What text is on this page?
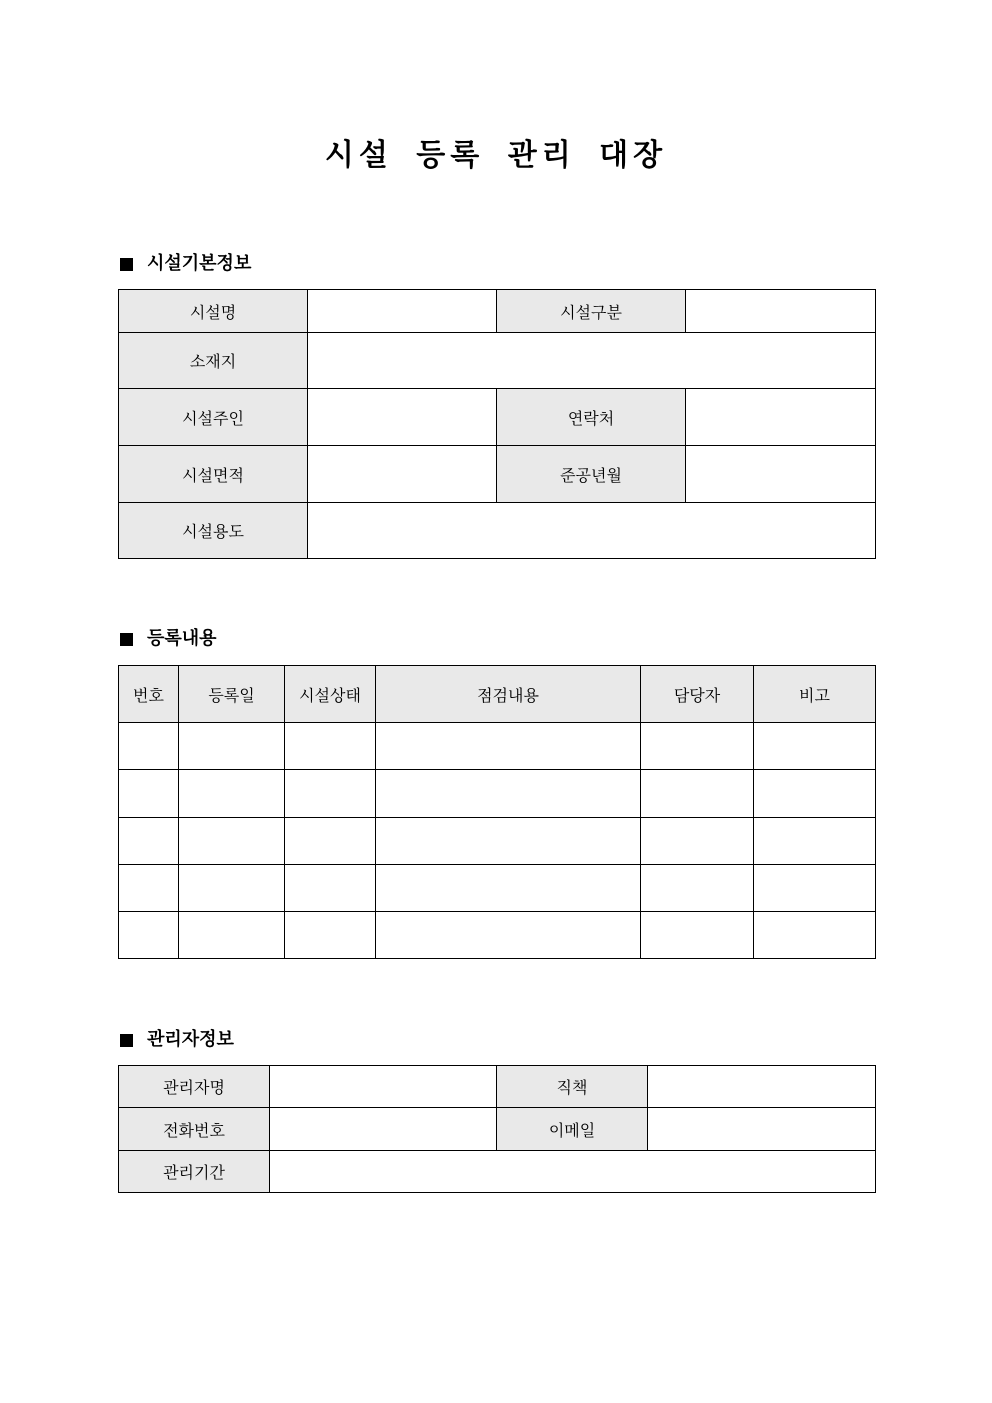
시설 등록 관리 대장
시설기본정보
시설명		시설구분	
소재지			
시설주인		연락처	
시설면적		준공년월	
시설용도			
등록내용
번호	등록일	시설상태	점검내용	담당자	비고

관리자정보
관리자명		직책	
전화번호		이메일	
관리기간			
